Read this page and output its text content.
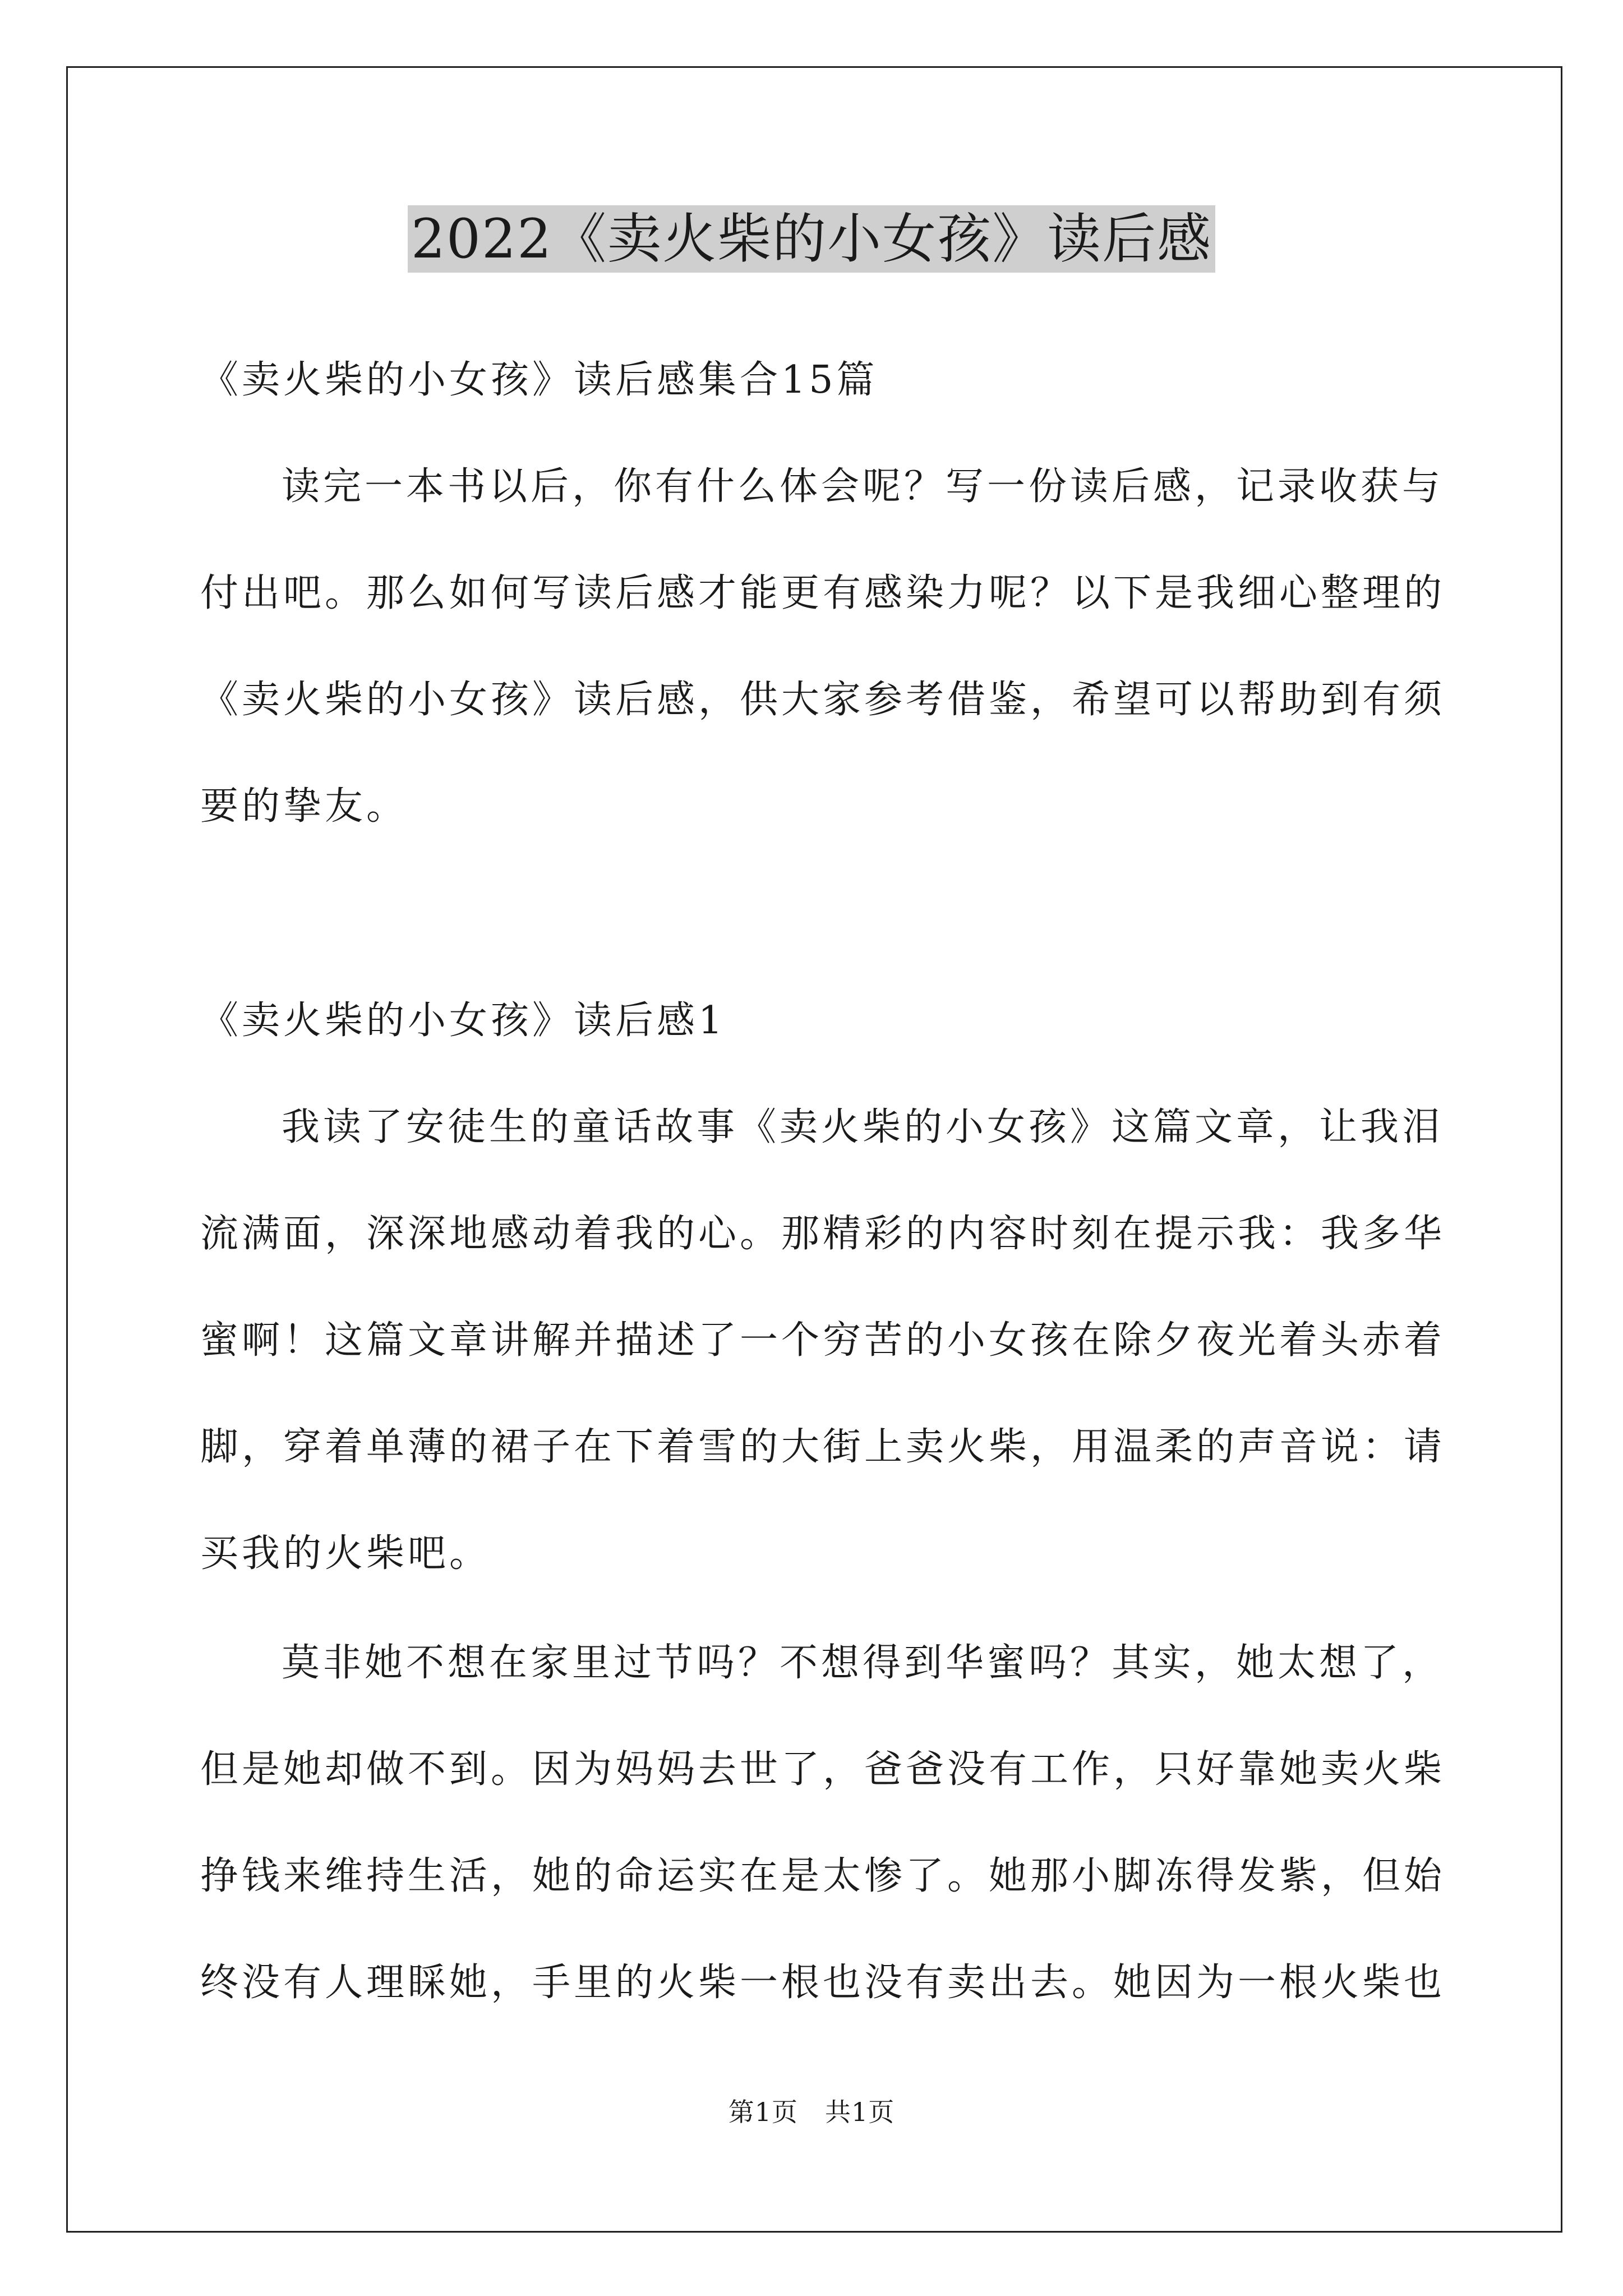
2022《卖火柴的小女孩》读后感
《卖火柴的小女孩》读后感集合15篇
读完一本书以后，你有什么体会呢？写一份读后感，记录收获与
付出吧。那么如何写读后感才能更有感染力呢？以下是我细心整理的
《卖火柴的小女孩》读后感，供大家参考借鉴，希望可以帮助到有须
要的挚友。
《卖火柴的小女孩》读后感1
我读了安徒生的童话故事《卖火柴的小女孩》这篇文章，让我泪
流满面，深深地感动着我的心。那精彩的内容时刻在提示我：我多华
蜜啊！这篇文章讲解并描述了一个穷苦的小女孩在除夕夜光着头赤着
脚，穿着单薄的裙子在下着雪的大街上卖火柴，用温柔的声音说：请
买我的火柴吧。
莫非她不想在家里过节吗？不想得到华蜜吗？其实，她太想了，
但是她却做不到。因为妈妈去世了，爸爸没有工作，只好靠她卖火柴
挣钱来维持生活，她的命运实在是太惨了。她那小脚冻得发紫，但始
终没有人理睬她，手里的火柴一根也没有卖出去。她因为一根火柴也
第1页 共1页
